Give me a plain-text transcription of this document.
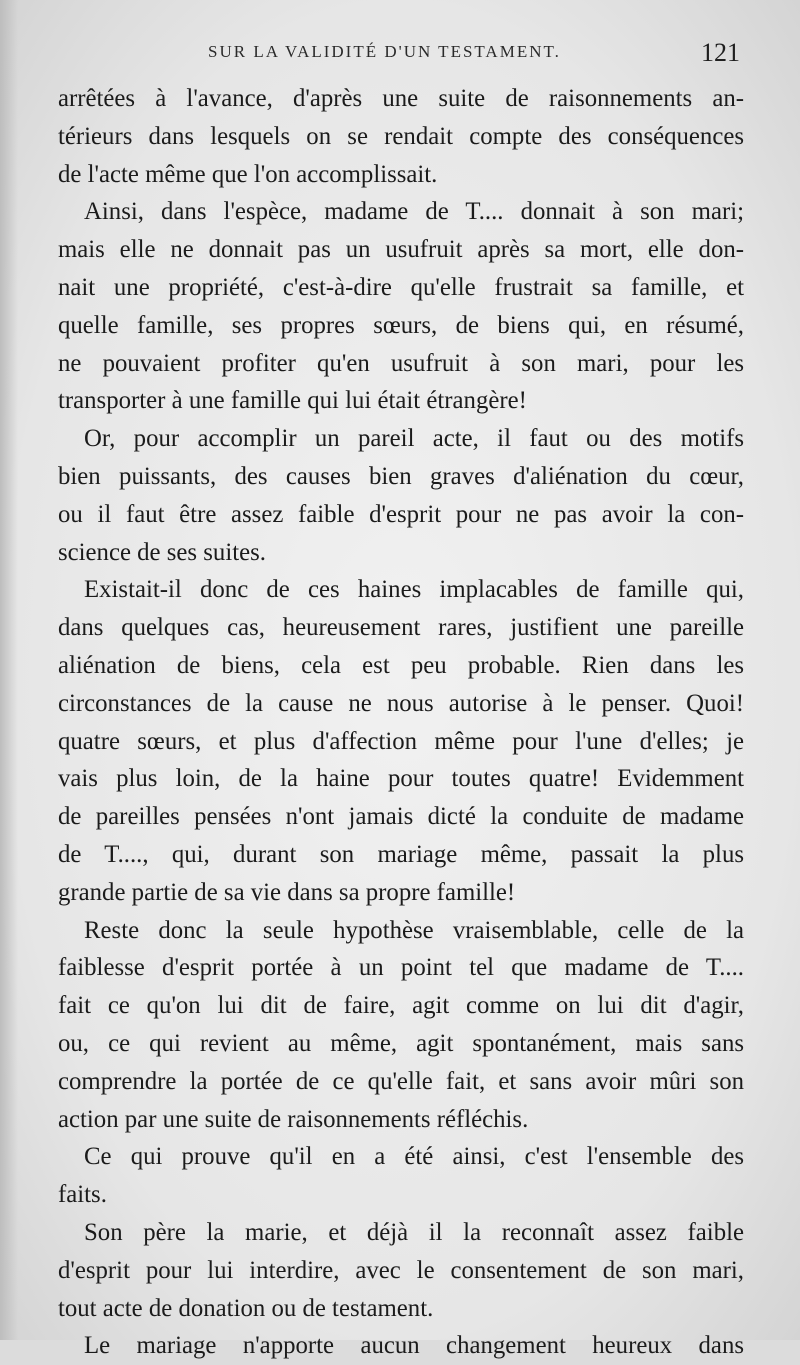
SUR LA VALIDITÉ D'UN TESTAMENT.	121
arrêtées à l'avance, d'après une suite de raisonnements an-
térieurs dans lesquels on se rendait compte des conséquences
de l'acte même que l'on accomplissait.
Ainsi, dans l'espèce, madame de T.... donnait à son mari;
mais elle ne donnait pas un usufruit après sa mort, elle don-
nait une propriété, c'est-à-dire qu'elle frustrait sa famille, et
quelle famille, ses propres sœurs, de biens qui, en résumé,
ne pouvaient profiter qu'en usufruit à son mari, pour les
transporter à une famille qui lui était étrangère!
Or, pour accomplir un pareil acte, il faut ou des motifs
bien puissants, des causes bien graves d'aliénation du cœur,
ou il faut être assez faible d'esprit pour ne pas avoir la con-
science de ses suites.
Existait-il donc de ces haines implacables de famille qui,
dans quelques cas, heureusement rares, justifient une pareille
aliénation de biens, cela est peu probable. Rien dans les
circonstances de la cause ne nous autorise à le penser. Quoi!
quatre sœurs, et plus d'affection même pour l'une d'elles; je
vais plus loin, de la haine pour toutes quatre! Evidemment
de pareilles pensées n'ont jamais dicté la conduite de madame
de T...., qui, durant son mariage même, passait la plus
grande partie de sa vie dans sa propre famille!
Reste donc la seule hypothèse vraisemblable, celle de la
faiblesse d'esprit portée à un point tel que madame de T....
fait ce qu'on lui dit de faire, agit comme on lui dit d'agir,
ou, ce qui revient au même, agit spontanément, mais sans
comprendre la portée de ce qu'elle fait, et sans avoir mûri son
action par une suite de raisonnements réfléchis.
Ce qui prouve qu'il en a été ainsi, c'est l'ensemble des
faits.
Son père la marie, et déjà il la reconnaît assez faible
d'esprit pour lui interdire, avec le consentement de son mari,
tout acte de donation ou de testament.
Le mariage n'apporte aucun changement heureux dans
